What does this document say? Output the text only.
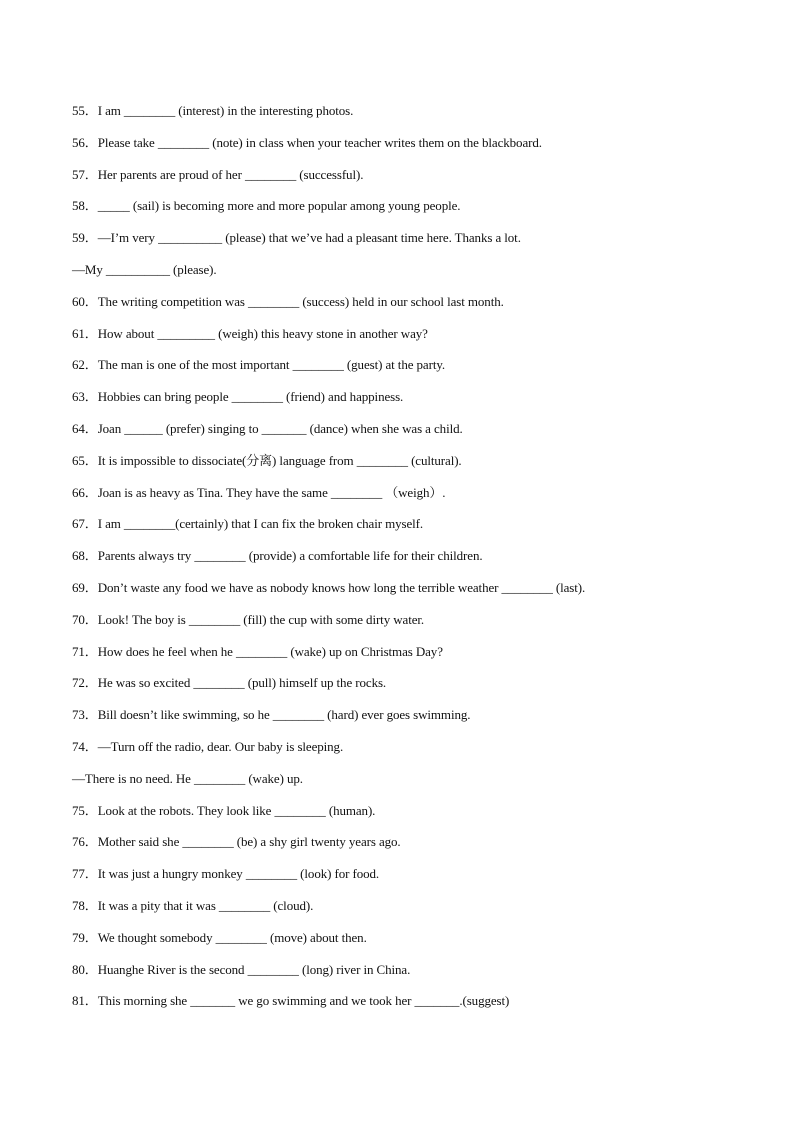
55．I am ________ (interest) in the interesting photos.
56．Please take ________ (note) in class when your teacher writes them on the blackboard.
57．Her parents are proud of her ________ (successful).
58．_____ (sail) is becoming more and more popular among young people.
59．—I’m very __________ (please) that we’ve had a pleasant time here. Thanks a lot.
—My __________ (please).
60．The writing competition was ________ (success) held in our school last month.
61．How about _________ (weigh) this heavy stone in another way?
62．The man is one of the most important ________ (guest) at the party.
63．Hobbies can bring people ________ (friend) and happiness.
64．Joan ______ (prefer) singing to _______ (dance) when she was a child.
65．It is impossible to dissociate(分离) language from ________ (cultural).
66．Joan is as heavy as Tina. They have the same ________ （weigh）.
67．I am ________(certainly) that I can fix the broken chair myself.
68．Parents always try ________ (provide) a comfortable life for their children.
69．Don’t waste any food we have as nobody knows how long the terrible weather ________ (last).
70．Look! The boy is ________ (fill) the cup with some dirty water.
71．How does he feel when he ________ (wake) up on Christmas Day?
72．He was so excited ________ (pull) himself up the rocks.
73．Bill doesn’t like swimming, so he ________ (hard) ever goes swimming.
74．—Turn off the radio, dear. Our baby is sleeping.
—There is no need. He ________ (wake) up.
75．Look at the robots. They look like ________ (human).
76．Mother said she ________ (be) a shy girl twenty years ago.
77．It was just a hungry monkey ________ (look) for food.
78．It was a pity that it was ________ (cloud).
79．We thought somebody ________ (move) about then.
80．Huanghe River is the second ________ (long) river in China.
81．This morning she _______ we go swimming and we took her _______.(suggest)
